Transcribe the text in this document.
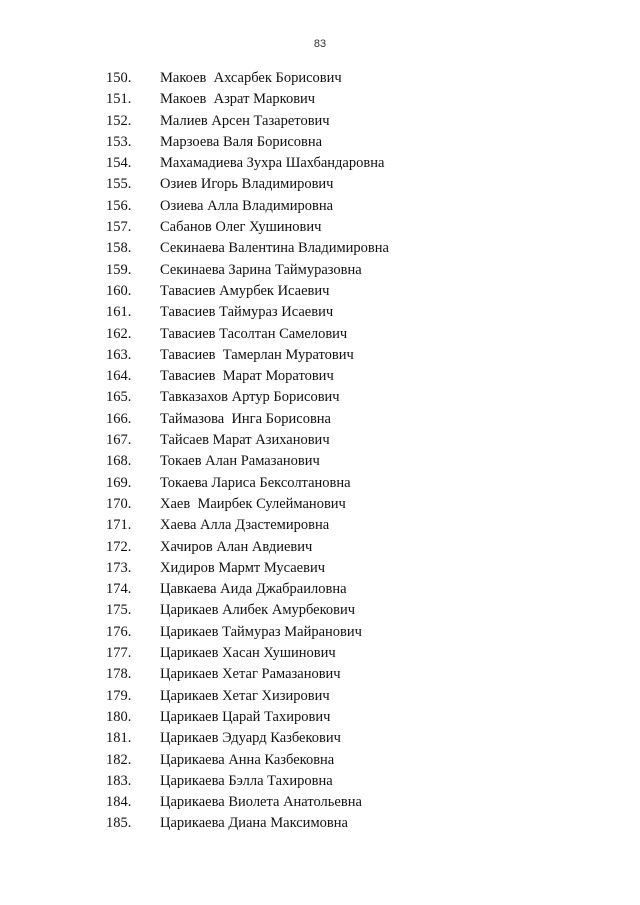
83
150.	Макоев  Ахсарбек Борисович
151.	Макоев  Азрат Маркович
152.	Малиев Арсен Тазаретович
153.	Марзоева Валя Борисовна
154.	Махамадиева Зухра Шахбандаровна
155.	Озиев Игорь Владимирович
156.	Озиева Алла Владимировна
157.	Сабанов Олег Хушинович
158.	Секинаева Валентина Владимировна
159.	Секинаева Зарина Таймуразовна
160.	Тавасиев Амурбек Исаевич
161.	Тавасиев Таймураз Исаевич
162.	Тавасиев Тасолтан Самелович
163.	Тавасиев  Тамерлан Муратович
164.	Тавасиев  Марат Моратович
165.	Тавказахов Артур Борисович
166.	Таймазова  Инга Борисовна
167.	Тайсаев Марат Азиханович
168.	Токаев Алан Рамазанович
169.	Токаева Лариса Бексолтановна
170.	Хаев  Маирбек Сулейманович
171.	Хаева Алла Дзастемировна
172.	Хачиров Алан Авдиевич
173.	Хидиров Мармт Мусаевич
174.	Цавкаева Аида Джабраиловна
175.	Царикаев Алибек Амурбекович
176.	Царикаев Таймураз Майранович
177.	Царикаев Хасан Хушинович
178.	Царикаев Хетаг Рамазанович
179.	Царикаев Хетаг Хизирович
180.	Царикаев Царай Тахирович
181.	Царикаев Эдуард Казбекович
182.	Царикаева Анна Казбековна
183.	Царикаева Бэлла Тахировна
184.	Царикаева Виолета Анатольевна
185.	Царикаева Диана Максимовна
